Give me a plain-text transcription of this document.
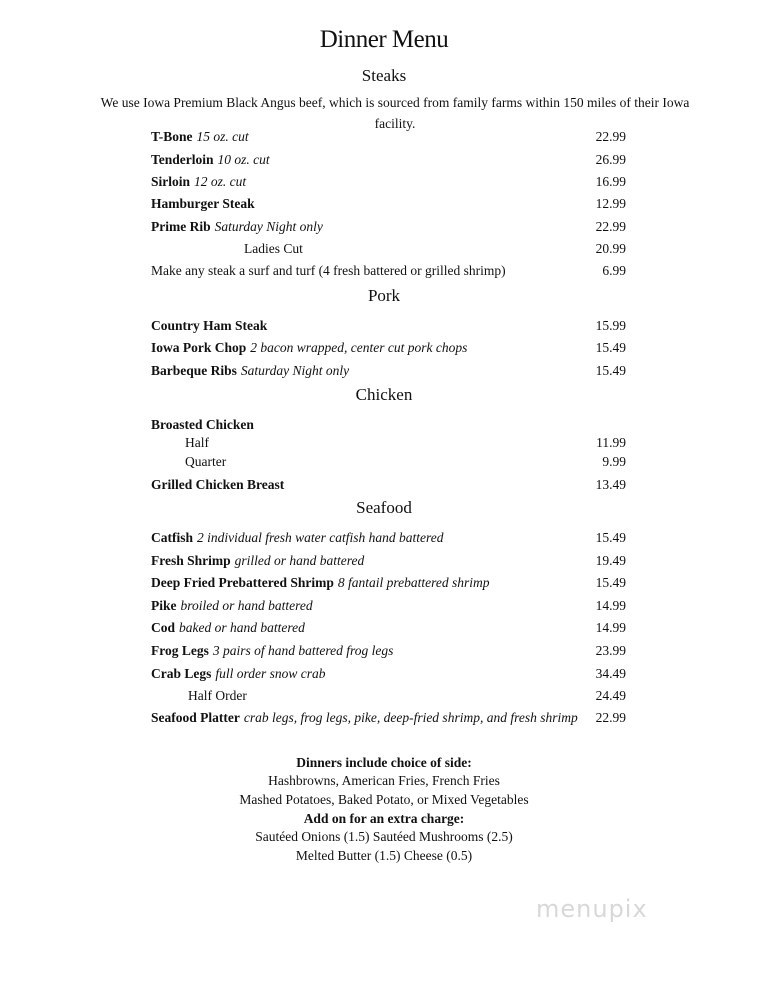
Dinner Menu
Steaks
We use Iowa Premium Black Angus beef, which is sourced from family farms within 150 miles of their Iowa facility.
T-Bone 15 oz. cut	22.99
Tenderloin 10 oz. cut	26.99
Sirloin 12 oz. cut	16.99
Hamburger Steak	12.99
Prime Rib Saturday Night only	22.99
Ladies Cut	20.99
Make any steak a surf and turf (4 fresh battered or grilled shrimp)	6.99
Pork
Country Ham Steak	15.99
Iowa Pork Chop 2 bacon wrapped, center cut pork chops	15.49
Barbeque Ribs Saturday Night only	15.49
Chicken
Broasted Chicken
Half	11.99
Quarter	9.99
Grilled Chicken Breast	13.49
Seafood
Catfish 2 individual fresh water catfish hand battered	15.49
Fresh Shrimp grilled or hand battered	19.49
Deep Fried Prebattered Shrimp 8 fantail prebattered shrimp	15.49
Pike broiled or hand battered	14.99
Cod baked or hand battered	14.99
Frog Legs 3 pairs of hand battered frog legs	23.99
Crab Legs full order snow crab	34.49
Half Order	24.49
Seafood Platter crab legs, frog legs, pike, deep-fried shrimp, and fresh shrimp 22.99
Dinners include choice of side:
Hashbrowns, American Fries, French Fries
Mashed Potatoes, Baked Potato, or Mixed Vegetables
Add on for an extra charge:
Sautéed Onions (1.5) Sautéed Mushrooms (2.5)
Melted Butter (1.5) Cheese (0.5)
menupix
